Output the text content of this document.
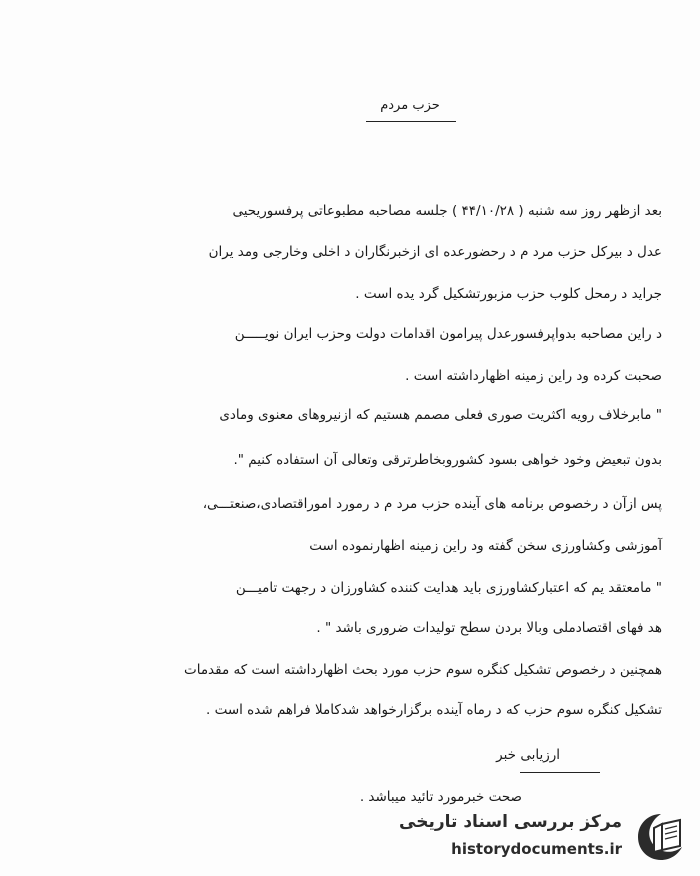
حزب مردم
بعد ازظهر روز سه شنبه ( ۴۴/۱۰/۲۸ ) جلسه مصاحبه مطبوعاتی پرفسوریحیی
عدل د بیرکل حزب مرد م د رحضورعده ای ازخبرنگاران د اخلی وخارجی ومد یران
جراید د رمحل کلوب حزب مزبورتشکیل گرد یده است .
د راین مصاحبه بدواپرفسورعدل پیرامون اقدامات دولت وحزب ایران نویـــــن
صحبت کرده ود راین زمینه اظهارداشته است .
" مابرخلاف رویه اکثریت صوری فعلی مصمم هستیم که ازنیروهای معنوی ومادی
بدون تبعیض وخود خواهی بسود کشوروبخاطرترقی وتعالی آن استفاده کنیم ".
پس ازآن د رخصوص برنامه های آینده حزب مرد م د رمورد اموراقتصادی،صنعتـــی،
آموزشی وکشاورزی سخن گفته ود راین زمینه اظهارنموده است
" مامعتقد یم که اعتبارکشاورزی باید هدایت کننده کشاورزان د رجهت تامیـــن
هد فهای اقتصادملی وبالا بردن سطح تولیدات ضروری باشد " .
همچنین د رخصوص تشکیل کنگره سوم حزب مورد بحث اظهارداشته است که مقدمات
تشکیل کنگره سوم حزب که د رماه آینده برگزارخواهد شدکاملا فراهم شده است .
ارزیابی خبر
صحت خبرمورد تائید میباشد .
مرکز بررسی اسناد تاریخی
historydocuments.ir
